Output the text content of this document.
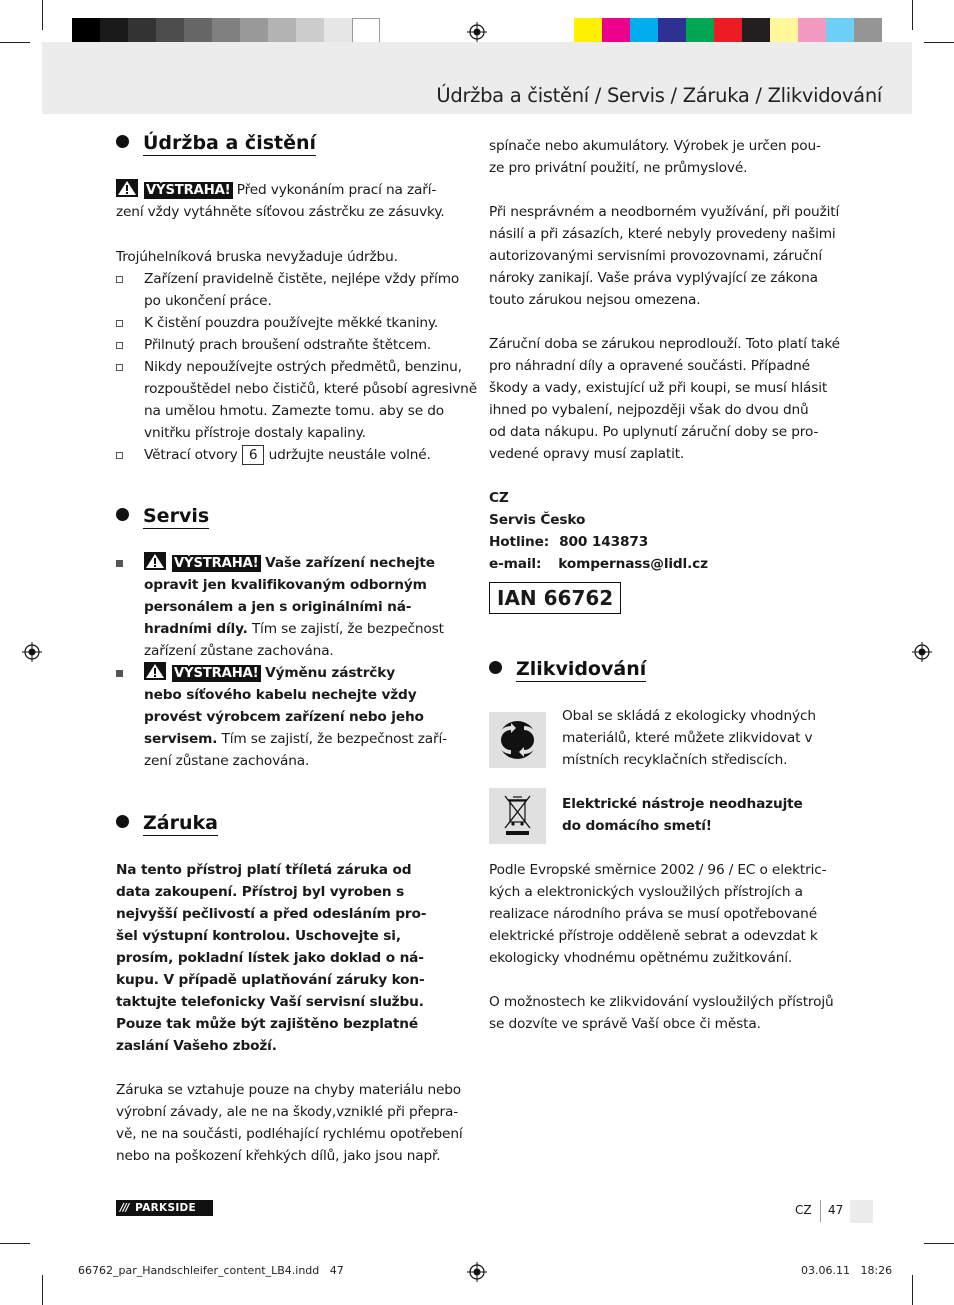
Údržba a čistění / Servis / Záruka / Zlikvidování
Údržba a čistění
VÝSTRAHA! Před vykonáním prací na zaří-
zení vždy vytáhněte síťovou zástrčku ze zásuvky.
Trojúhelníková bruska nevyžaduje údržbu.
Zařízení pravidelně čistěte, nejlépe vždy přímo
po ukončení práce.
K čistění pouzdra používejte měkké tkaniny.
Přilnutý prach broušení odstraňte štětcem.
Nikdy nepoužívejte ostrých předmětů, benzinu,
rozpouštědel nebo čističů, které působí agresivně
na umělou hmotu. Zamezte tomu. aby se do
vnitřku přístroje dostaly kapaliny.
Větrací otvory 6 udržujte neustále volné.
Servis
VÝSTRAHA! Vaše zařízení nechejte
opravit jen kvalifikovaným odborným
personálem a jen s originálními ná-
hradními díly. Tím se zajistí, že bezpečnost
zařízení zůstane zachována.
VÝSTRAHA! Výměnu zástrčky
nebo síťového kabelu nechejte vždy
provést výrobcem zařízení nebo jeho
servisem. Tím se zajistí, že bezpečnost zaří-
zení zůstane zachována.
Záruka
Na tento přístroj platí tříletá záruka od
data zakoupení. Přístroj byl vyroben s
nejvyšší pečlivostí a před odesláním pro-
šel výstupní kontrolou. Uschovejte si,
prosím, pokladní lístek jako doklad o ná-
kupu. V případě uplatňování záruky kon-
taktujte telefonicky Vaší servisní službu.
Pouze tak může být zajištěno bezplatné
zaslání Vašeho zboží.
Záruka se vztahuje pouze na chyby materiálu nebo
výrobní závady, ale ne na škody,vzniklé při přepra-
vě, ne na součásti, podléhající rychlému opotřebení
nebo na poškození křehkých dílů, jako jsou např.
spínače nebo akumulátory. Výrobek je určen pou-
ze pro privátní použití, ne průmyslové.
Při nesprávném a neodborném využívání, při použití
násilí a při zásazích, které nebyly provedeny našimi
autorizovanými servisními provozovnami, záruční
nároky zanikají. Vaše práva vyplývající ze zákona
touto zárukou nejsou omezena.
Záruční doba se zárukou neprodlouží. Toto platí také
pro náhradní díly a opravené součásti. Případné
škody a vady, existující už při koupi, se musí hlásit
ihned po vybalení, nejpozději však do dvou dnů
od data nákupu. Po uplynutí záruční doby se pro-
vedené opravy musí zaplatit.
CZ
Servis Česko
Hotline: 800 143873
e-mail: kompernass@lidl.cz
IAN 66762
Zlikvidování
Obal se skládá z ekologicky vhodných
materiálů, které můžete zlikvidovat v
místních recyklačních střediscích.
Elektrické nástroje neodhazujte
do domácího smetí!
Podle Evropské směrnice 2002 / 96 / EC o elektric-
kých a elektronických vysloužilých přístrojích a
realizace národního práva se musí opotřebované
elektrické přístroje odděleně sebrat a odevzdat k
ekologicky vhodnému opětnému zužitkování.
O možnostech ke zlikvidování vysloužilých přístrojů
se dozvíte ve správě Vaší obce či města.
/// PARKSIDE	CZ 47
66762_par_Handschleifer_content_LB4.indd   47	03.06.11   18:26
